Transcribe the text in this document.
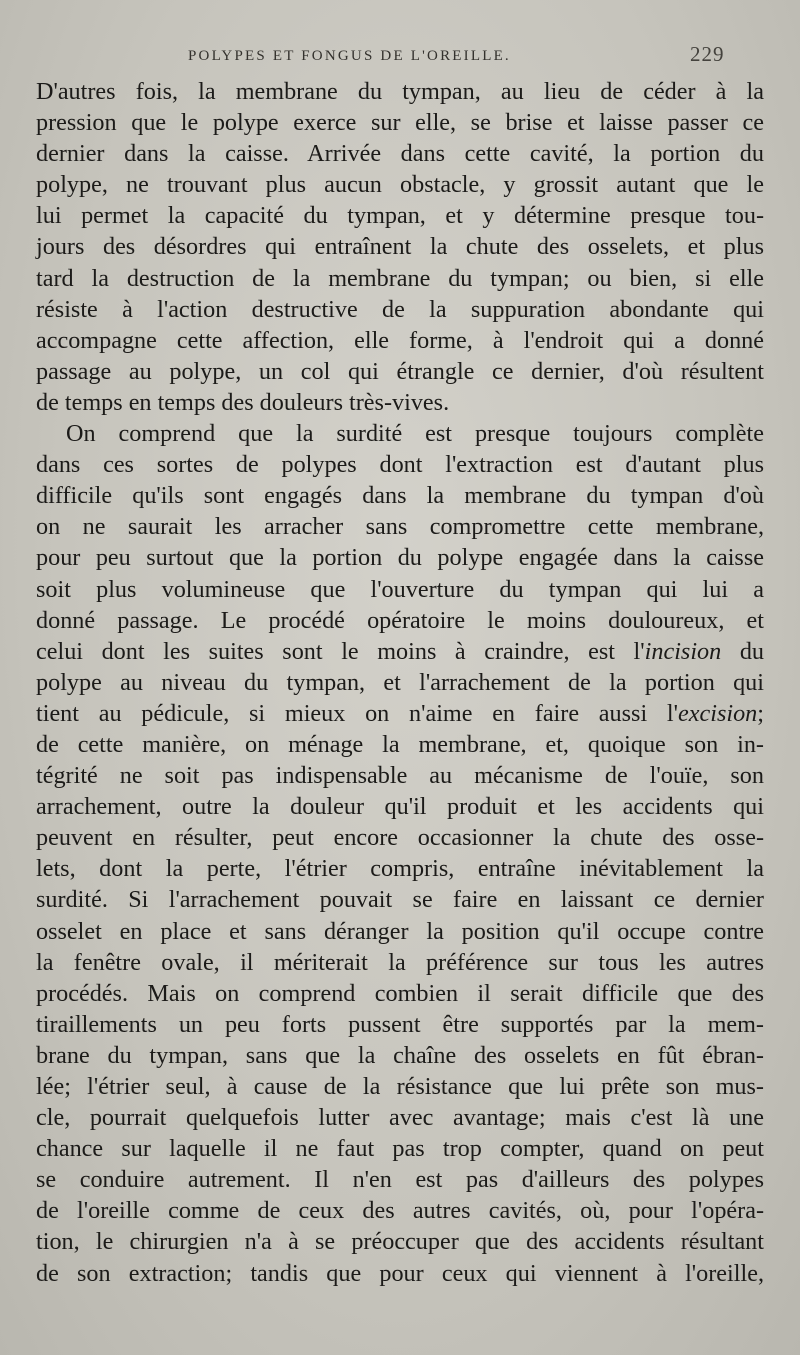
POLYPES ET FONGUS DE L'OREILLE.	229
D'autres fois, la membrane du tympan, au lieu de céder à la
pression que le polype exerce sur elle, se brise et laisse passer ce
dernier dans la caisse. Arrivée dans cette cavité, la portion du
polype, ne trouvant plus aucun obstacle, y grossit autant que le
lui permet la capacité du tympan, et y détermine presque tou-
jours des désordres qui entraînent la chute des osselets, et plus
tard la destruction de la membrane du tympan; ou bien, si elle
résiste à l'action destructive de la suppuration abondante qui
accompagne cette affection, elle forme, à l'endroit qui a donné
passage au polype, un col qui étrangle ce dernier, d'où résultent
de temps en temps des douleurs très-vives.
On comprend que la surdité est presque toujours complète
dans ces sortes de polypes dont l'extraction est d'autant plus
difficile qu'ils sont engagés dans la membrane du tympan d'où
on ne saurait les arracher sans compromettre cette membrane,
pour peu surtout que la portion du polype engagée dans la caisse
soit plus volumineuse que l'ouverture du tympan qui lui a
donné passage. Le procédé opératoire le moins douloureux, et
celui dont les suites sont le moins à craindre, est l'incision du
polype au niveau du tympan, et l'arrachement de la portion qui
tient au pédicule, si mieux on n'aime en faire aussi l'excision;
de cette manière, on ménage la membrane, et, quoique son in-
tégrité ne soit pas indispensable au mécanisme de l'ouïe, son
arrachement, outre la douleur qu'il produit et les accidents qui
peuvent en résulter, peut encore occasionner la chute des osse-
lets, dont la perte, l'étrier compris, entraîne inévitablement la
surdité. Si l'arrachement pouvait se faire en laissant ce dernier
osselet en place et sans déranger la position qu'il occupe contre
la fenêtre ovale, il mériterait la préférence sur tous les autres
procédés. Mais on comprend combien il serait difficile que des
tiraillements un peu forts pussent être supportés par la mem-
brane du tympan, sans que la chaîne des osselets en fût ébran-
lée; l'étrier seul, à cause de la résistance que lui prête son mus-
cle, pourrait quelquefois lutter avec avantage; mais c'est là une
chance sur laquelle il ne faut pas trop compter, quand on peut
se conduire autrement. Il n'en est pas d'ailleurs des polypes
de l'oreille comme de ceux des autres cavités, où, pour l'opéra-
tion, le chirurgien n'a à se préoccuper que des accidents résultant
de son extraction; tandis que pour ceux qui viennent à l'oreille,
